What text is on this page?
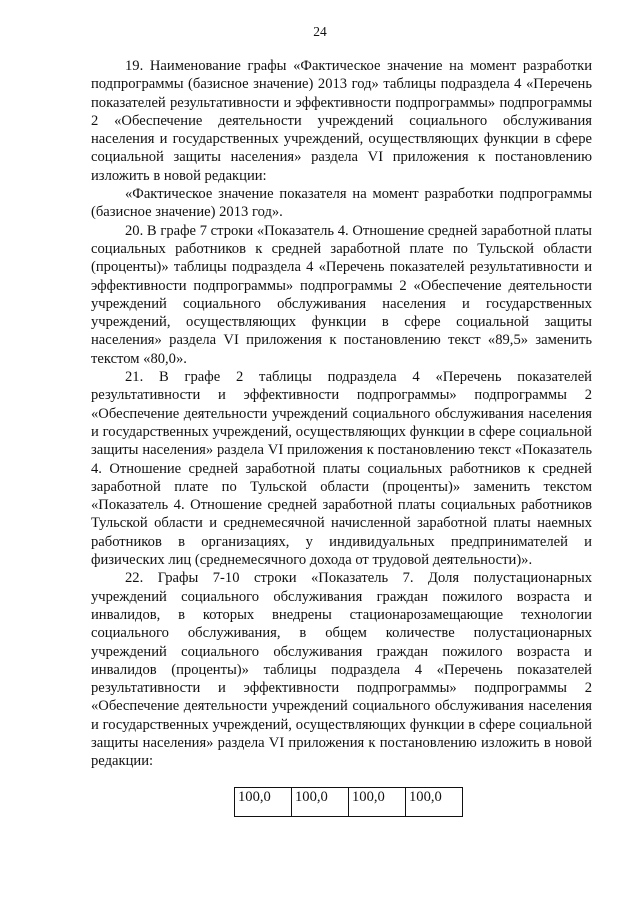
24

19. Наименование графы «Фактическое значение на момент разработки подпрограммы (базисное значение) 2013 год» таблицы подраздела 4 «Перечень показателей результативности и эффективности подпрограммы» подпрограммы 2 «Обеспечение деятельности учреждений социального обслуживания населения и государственных учреждений, осуществляющих функции в сфере социальной защиты населения» раздела VI приложения к постановлению изложить в новой редакции:

«Фактическое значение показателя на момент разработки подпрограммы (базисное значение) 2013 год».

20. В графе 7 строки «Показатель 4. Отношение средней заработной платы социальных работников к средней заработной плате по Тульской области (проценты)» таблицы подраздела 4 «Перечень показателей результативности и эффективности подпрограммы» подпрограммы 2 «Обеспечение деятельности учреждений социального обслуживания населения и государственных учреждений, осуществляющих функции в сфере социальной защиты населения» раздела VI приложения к постановлению текст «89,5» заменить текстом «80,0».

21. В графе 2 таблицы подраздела 4 «Перечень показателей результативности и эффективности подпрограммы» подпрограммы 2 «Обеспечение деятельности учреждений социального обслуживания населения и государственных учреждений, осуществляющих функции в сфере социальной защиты населения» раздела VI приложения к постановлению текст «Показатель 4. Отношение средней заработной платы социальных работников к средней заработной плате по Тульской области (проценты)» заменить текстом «Показатель 4. Отношение средней заработной платы социальных работников Тульской области и среднемесячной начисленной заработной платы наемных работников в организациях, у индивидуальных предпринимателей и физических лиц (среднемесячного дохода от трудовой деятельности)».

22. Графы 7-10 строки «Показатель 7. Доля полустационарных учреждений социального обслуживания граждан пожилого возраста и инвалидов, в которых внедрены стационарозамещающие технологии социального обслуживания, в общем количестве полустационарных учреждений социального обслуживания граждан пожилого возраста и инвалидов (проценты)» таблицы подраздела 4 «Перечень показателей результативности и эффективности подпрограммы» подпрограммы 2 «Обеспечение деятельности учреждений социального обслуживания населения и государственных учреждений, осуществляющих функции в сфере социальной защиты населения» раздела VI приложения к постановлению изложить в новой редакции:

100,0	100,0	100,0	100,0
